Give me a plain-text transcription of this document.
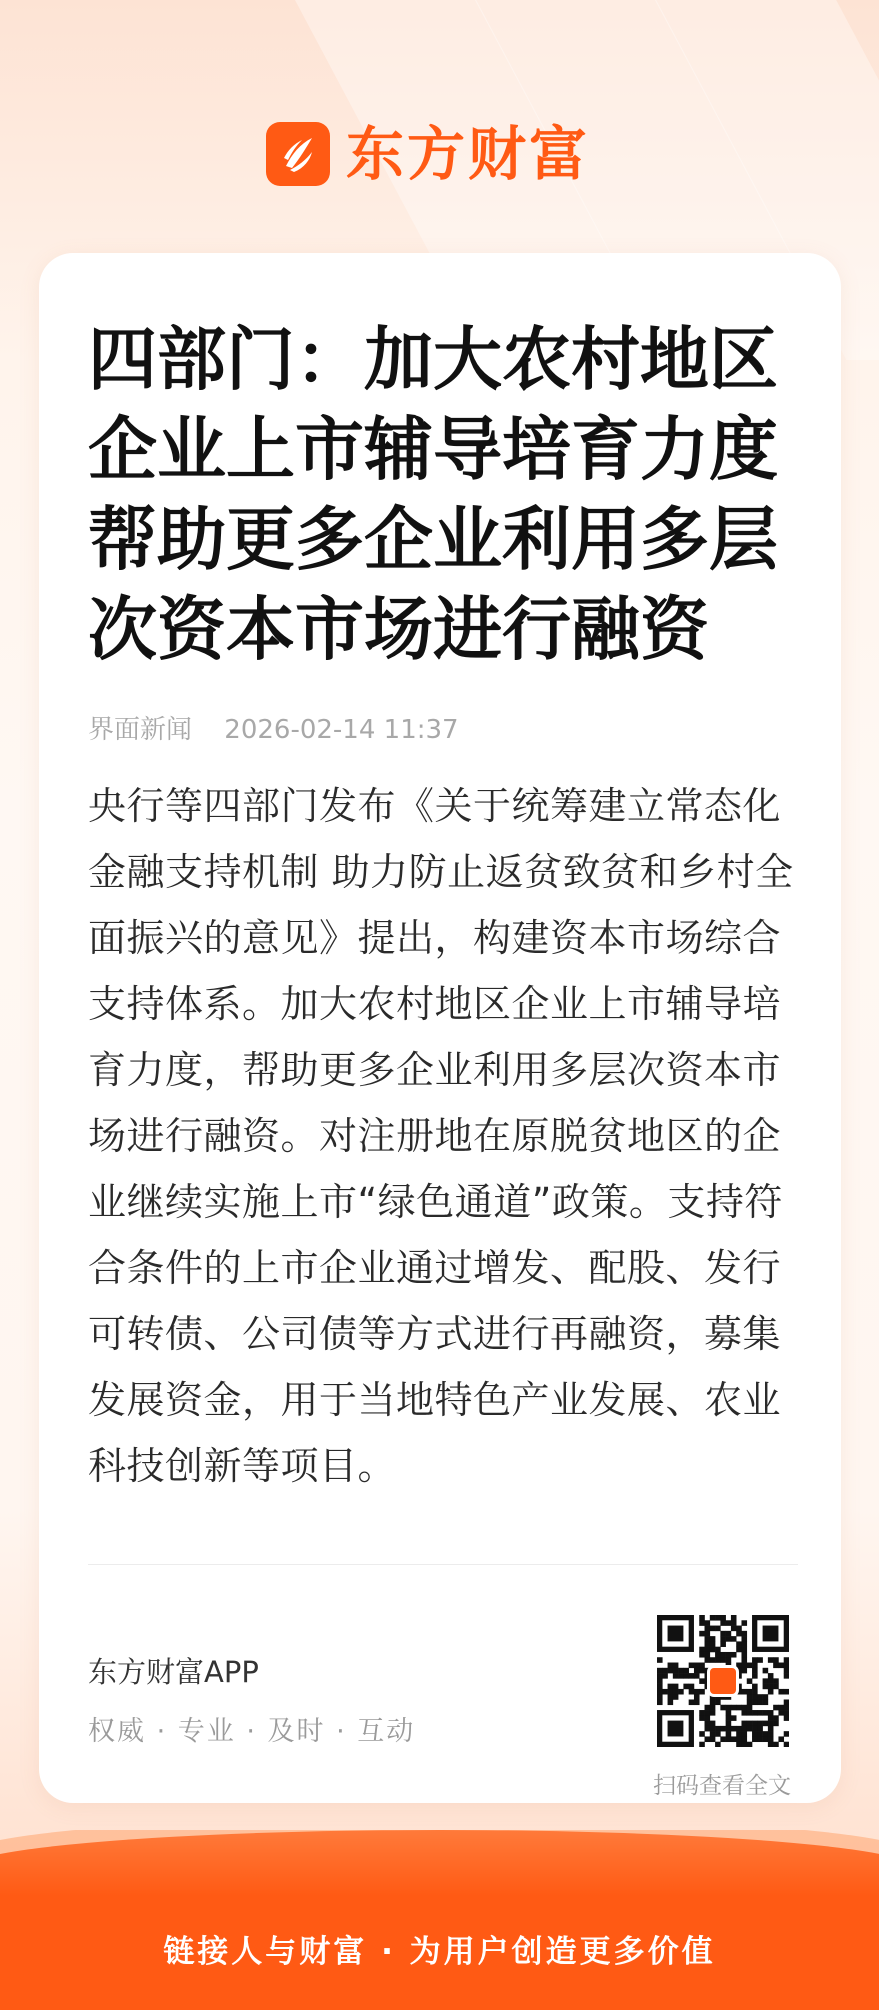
东方财富
四部门：加大农村地区企业上市辅导培育力度 帮助更多企业利用多层次资本市场进行融资
界面新闻 2026-02-14 11:37
央行等四部门发布《关于统筹建立常态化金融支持机制 助力防止返贫致贫和乡村全面振兴的意见》提出，构建资本市场综合支持体系。加大农村地区企业上市辅导培育力度，帮助更多企业利用多层次资本市场进行融资。对注册地在原脱贫地区的企业继续实施上市“绿色通道”政策。支持符合条件的上市企业通过增发、配股、发行可转债、公司债等方式进行再融资，募集发展资金，用于当地特色产业发展、农业科技创新等项目。
东方财富APP
权威 · 专业 · 及时 · 互动
扫码查看全文
链接人与财富 · 为用户创造更多价值
